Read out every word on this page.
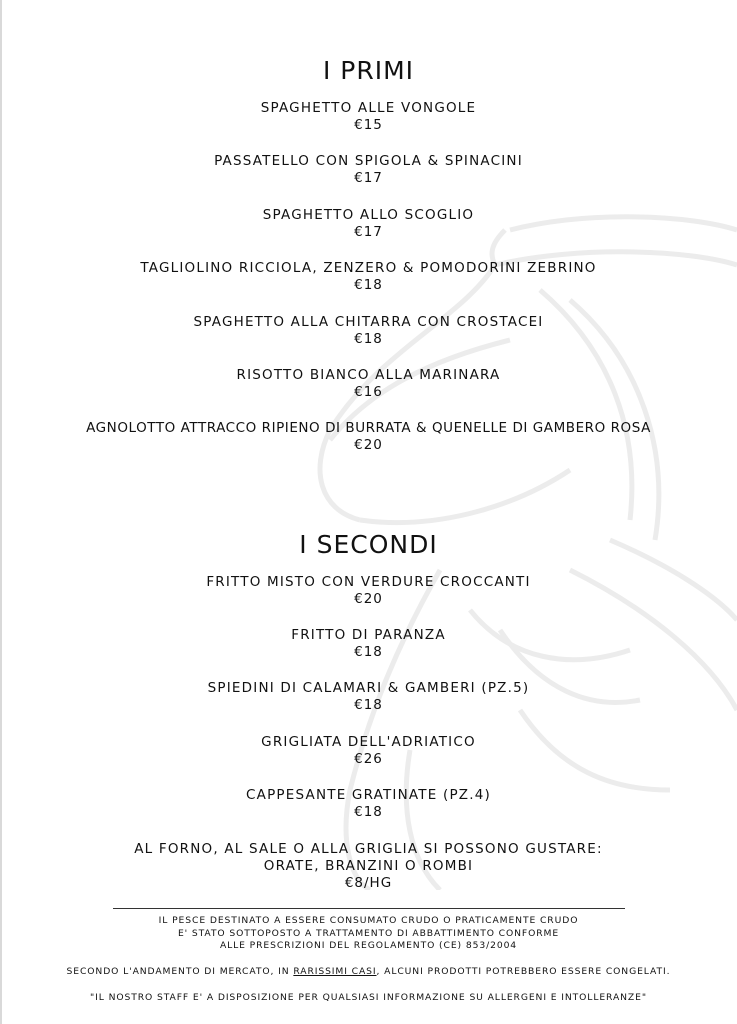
I PRIMI
SPAGHETTO ALLE VONGOLE
€15
PASSATELLO CON SPIGOLA & SPINACINI
€17
SPAGHETTO ALLO SCOGLIO
€17
TAGLIOLINO RICCIOLA, ZENZERO & POMODORINI ZEBRINO
€18
SPAGHETTO ALLA CHITARRA CON CROSTACEI
€18
RISOTTO BIANCO ALLA MARINARA
€16
AGNOLOTTO ATTRACCO RIPIENO DI BURRATA & QUENELLE DI GAMBERO ROSA
€20
I SECONDI
FRITTO MISTO CON VERDURE CROCCANTI
€20
FRITTO DI PARANZA
€18
SPIEDINI DI CALAMARI & GAMBERI (PZ.5)
€18
GRIGLIATA DELL'ADRIATICO
€26
CAPPESANTE GRATINATE (PZ.4)
€18
AL FORNO, AL SALE O ALLA GRIGLIA SI POSSONO GUSTARE:
ORATE, BRANZINI O ROMBI
€8/HG
IL PESCE DESTINATO A ESSERE CONSUMATO CRUDO O PRATICAMENTE CRUDO
E' STATO SOTTOPOSTO A TRATTAMENTO DI ABBATTIMENTO CONFORME
ALLE PRESCRIZIONI DEL REGOLAMENTO (CE) 853/2004
SECONDO L'ANDAMENTO DI MERCATO, IN RARISSIMI CASI, ALCUNI PRODOTTI POTREBBERO ESSERE CONGELATI.
"IL NOSTRO STAFF E' A DISPOSIZIONE PER QUALSIASI INFORMAZIONE SU ALLERGENI E INTOLLERANZE"
